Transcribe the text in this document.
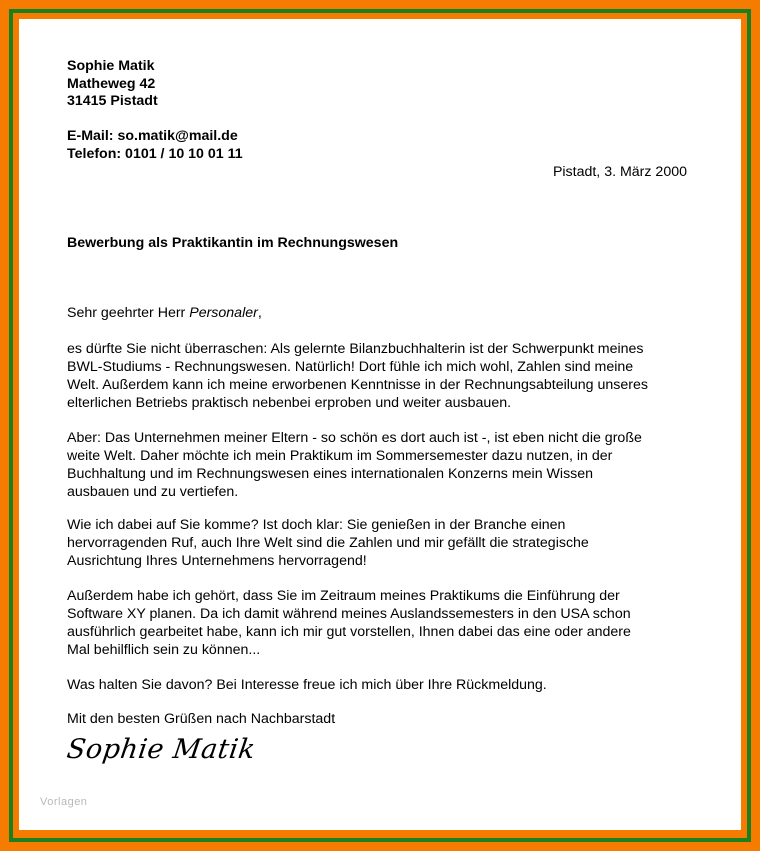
Sophie Matik
Matheweg 42
31415 Pistadt
E-Mail: so.matik@mail.de
Telefon: 0101 / 10 10 01 11
Pistadt, 3. März 2000
Bewerbung als Praktikantin im Rechnungswesen
Sehr geehrter Herr Personaler,
es dürfte Sie nicht überraschen: Als gelernte Bilanzbuchhalterin ist der Schwerpunkt meines
BWL-Studiums - Rechnungswesen. Natürlich! Dort fühle ich mich wohl, Zahlen sind meine
Welt. Außerdem kann ich meine erworbenen Kenntnisse in der Rechnungsabteilung unseres
elterlichen Betriebs praktisch nebenbei erproben und weiter ausbauen.
Aber: Das Unternehmen meiner Eltern - so schön es dort auch ist -, ist eben nicht die große
weite Welt. Daher möchte ich mein Praktikum im Sommersemester dazu nutzen, in der
Buchhaltung und im Rechnungswesen eines internationalen Konzerns mein Wissen
ausbauen und zu vertiefen.
Wie ich dabei auf Sie komme? Ist doch klar: Sie genießen in der Branche einen
hervorragenden Ruf, auch Ihre Welt sind die Zahlen und mir gefällt die strategische
Ausrichtung Ihres Unternehmens hervorragend!
Außerdem habe ich gehört, dass Sie im Zeitraum meines Praktikums die Einführung der
Software XY planen. Da ich damit während meines Auslandssemesters in den USA schon
ausführlich gearbeitet habe, kann ich mir gut vorstellen, Ihnen dabei das eine oder andere
Mal behilflich sein zu können...
Was halten Sie davon? Bei Interesse freue ich mich über Ihre Rückmeldung.
Mit den besten Grüßen nach Nachbarstadt
Sophie Matik
Vorlagen
